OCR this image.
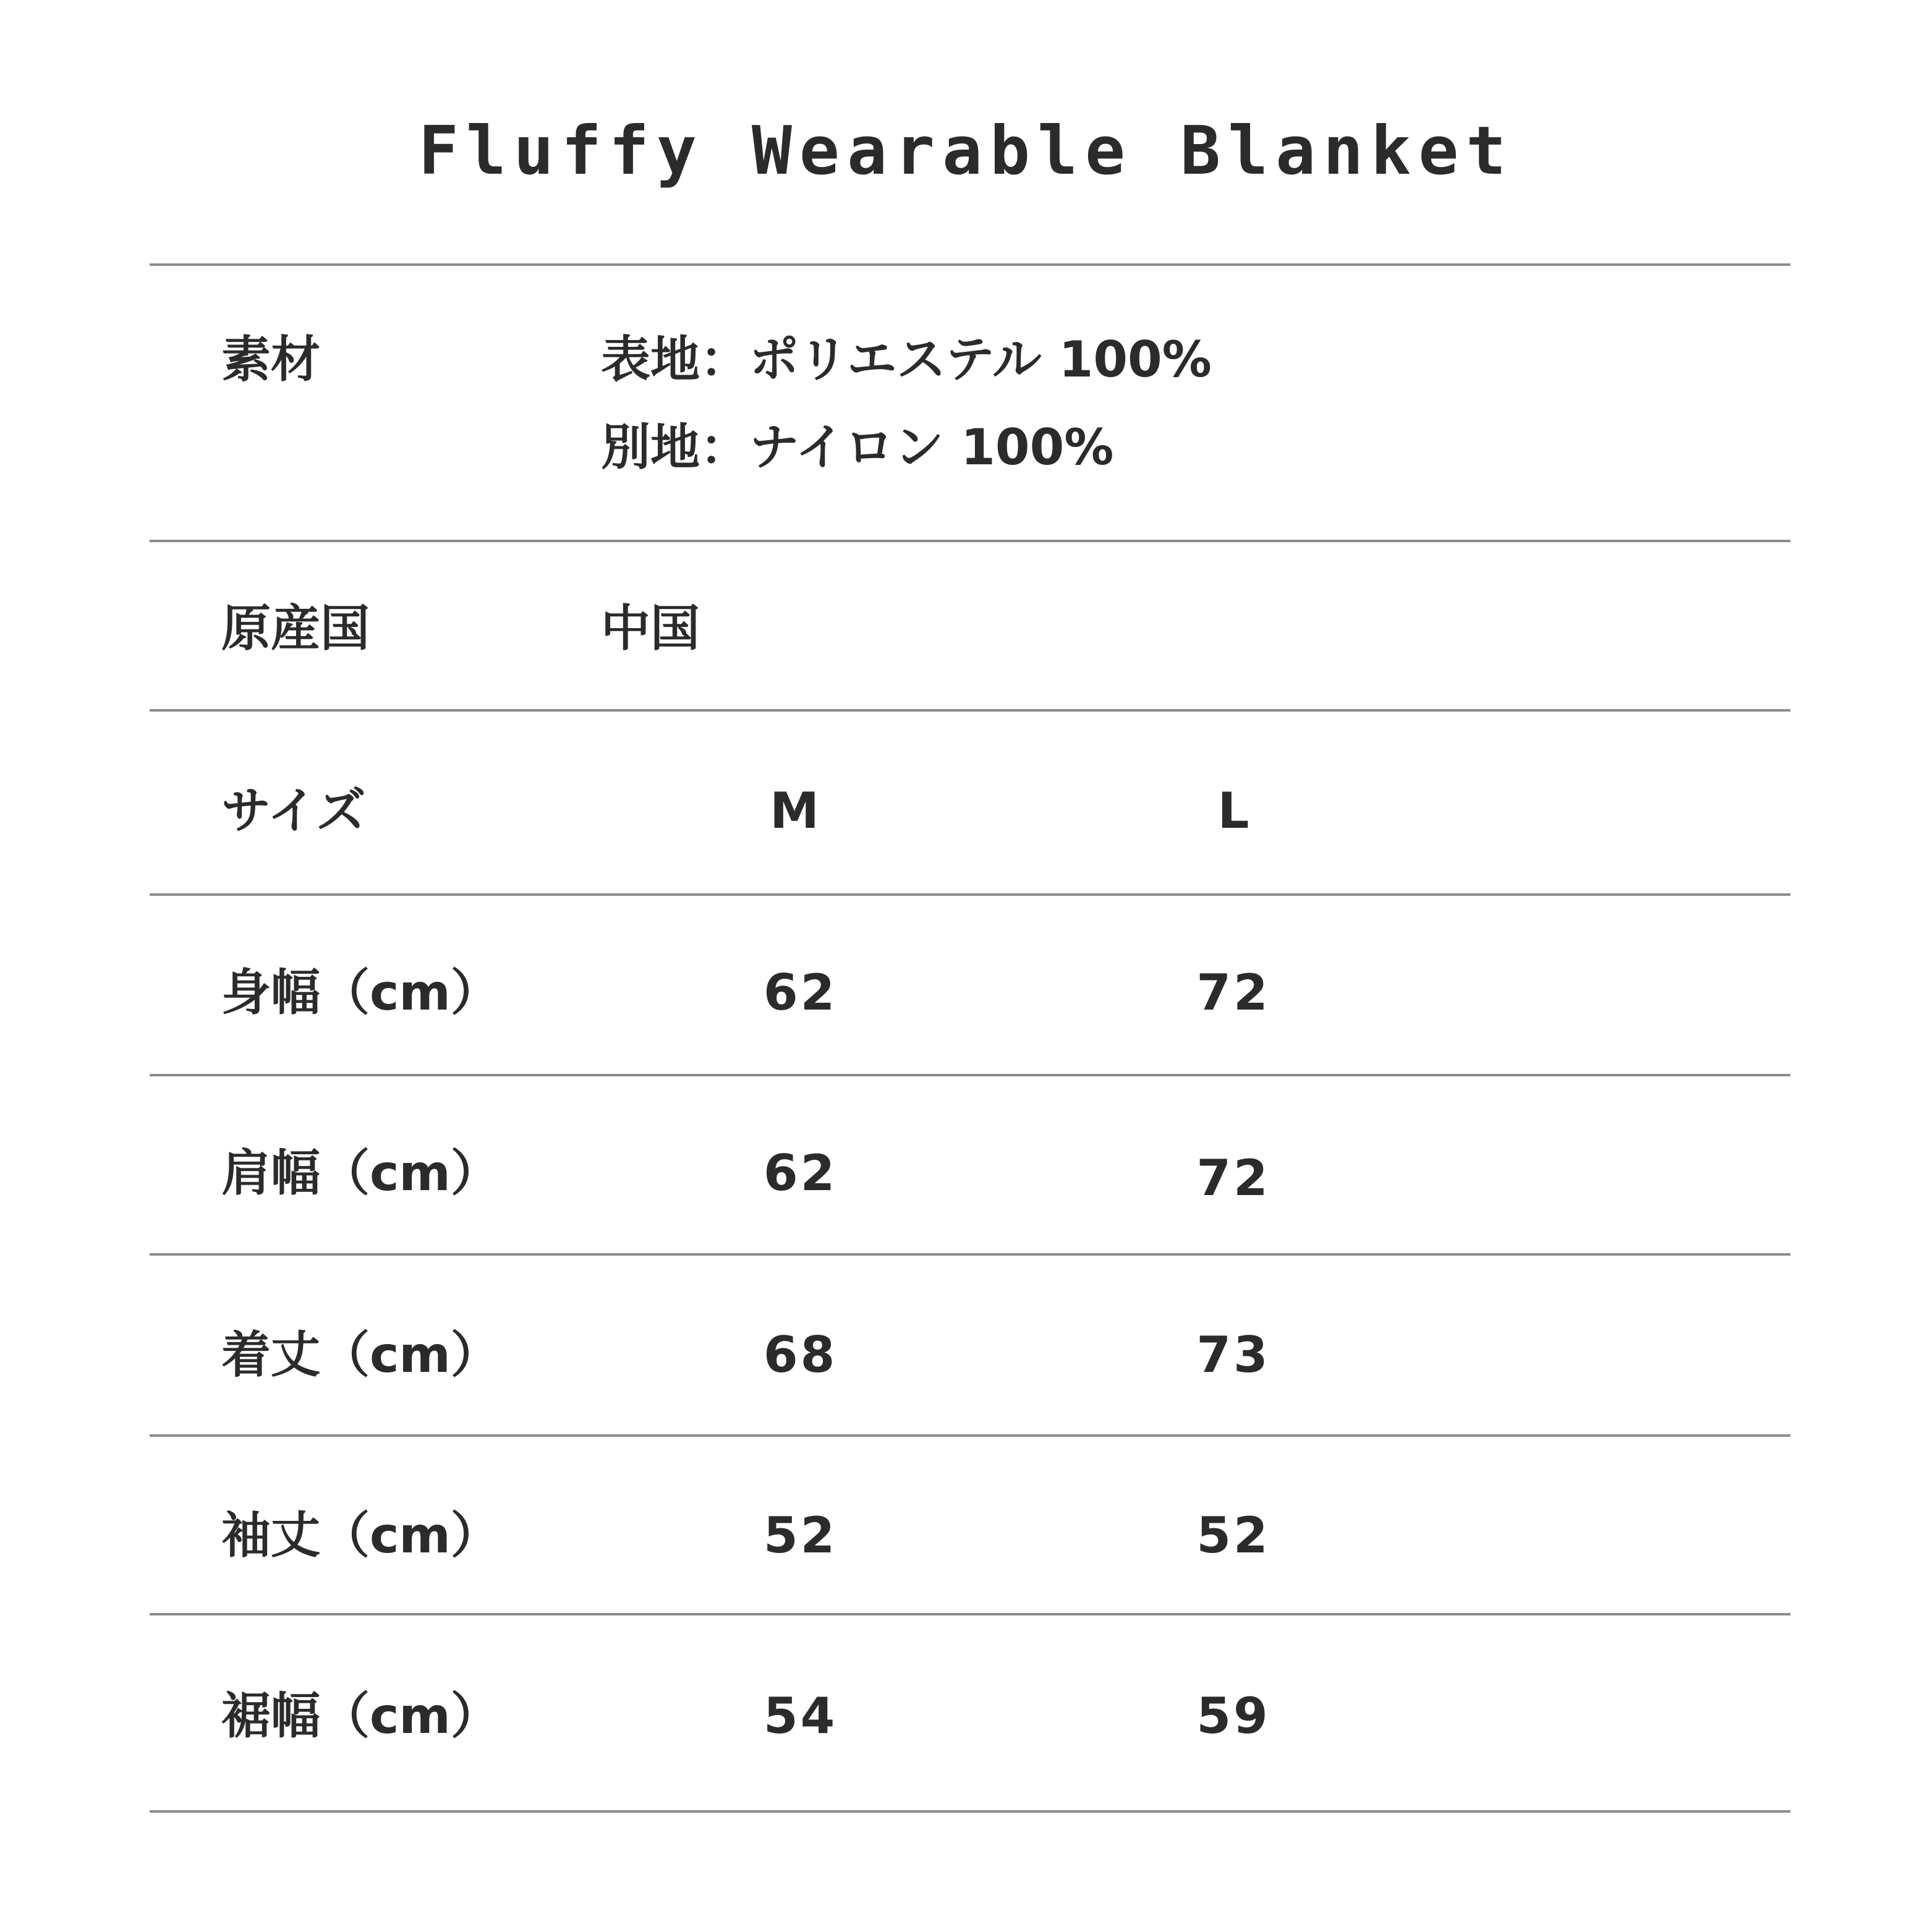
Fluffy Wearable Blanket
素材	表地：ポリエステル 100%
別地：ナイロン 100%
原産国	中国
サイズ	M	L
身幅（cm）	62	72
肩幅（cm）	62	72
着丈（cm）	68	73
袖丈（cm）	52	52
裾幅（cm）	54	59
